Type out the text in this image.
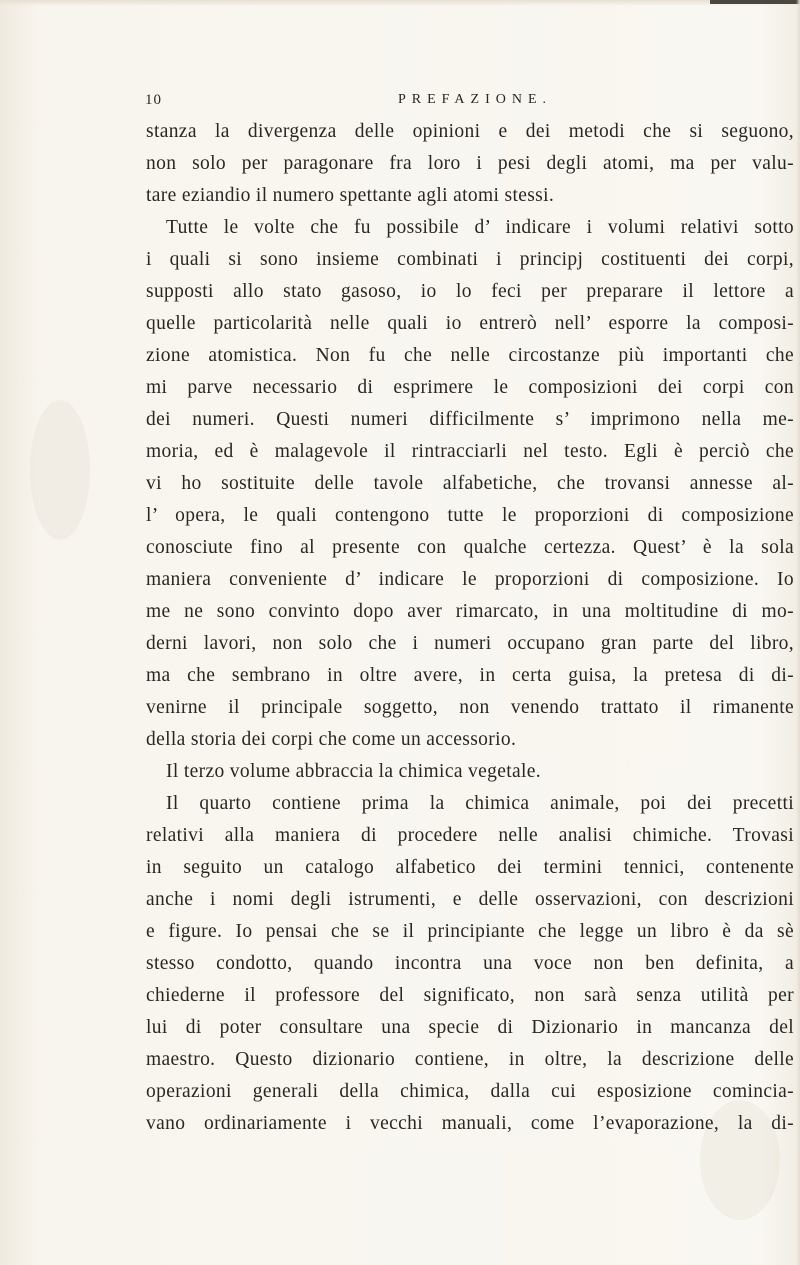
10	PREFAZIONE.
stanza la divergenza delle opinioni e dei metodi che si seguono,
non solo per paragonare fra loro i pesi degli atomi, ma per valu-
tare eziandio il numero spettante agli atomi stessi.
Tutte le volte che fu possibile d’ indicare i volumi relativi sotto
i quali si sono insieme combinati i principj costituenti dei corpi,
supposti allo stato gasoso, io lo feci per preparare il lettore a
quelle particolarità nelle quali io entrerò nell’ esporre la composi-
zione atomistica. Non fu che nelle circostanze più importanti che
mi parve necessario di esprimere le composizioni dei corpi con
dei numeri. Questi numeri difficilmente s’ imprimono nella me-
moria, ed è malagevole il rintracciarli nel testo. Egli è perciò che
vi ho sostituite delle tavole alfabetiche, che trovansi annesse al-
l’ opera, le quali contengono tutte le proporzioni di composizione
conosciute fino al presente con qualche certezza. Quest’ è la sola
maniera conveniente d’ indicare le proporzioni di composizione. Io
me ne sono convinto dopo aver rimarcato, in una moltitudine di mo-
derni lavori, non solo che i numeri occupano gran parte del libro,
ma che sembrano in oltre avere, in certa guisa, la pretesa di di-
venirne il principale soggetto, non venendo trattato il rimanente
della storia dei corpi che come un accessorio.
Il terzo volume abbraccia la chimica vegetale.
Il quarto contiene prima la chimica animale, poi dei precetti
relativi alla maniera di procedere nelle analisi chimiche. Trovasi
in seguito un catalogo alfabetico dei termini tennici, contenente
anche i nomi degli istrumenti, e delle osservazioni, con descrizioni
e figure. Io pensai che se il principiante che legge un libro è da sè
stesso condotto, quando incontra una voce non ben definita, a
chiederne il professore del significato, non sarà senza utilità per
lui di poter consultare una specie di Dizionario in mancanza del
maestro. Questo dizionario contiene, in oltre, la descrizione delle
operazioni generali della chimica, dalla cui esposizione comincia-
vano ordinariamente i vecchi manuali, come l’evaporazione, la di-
